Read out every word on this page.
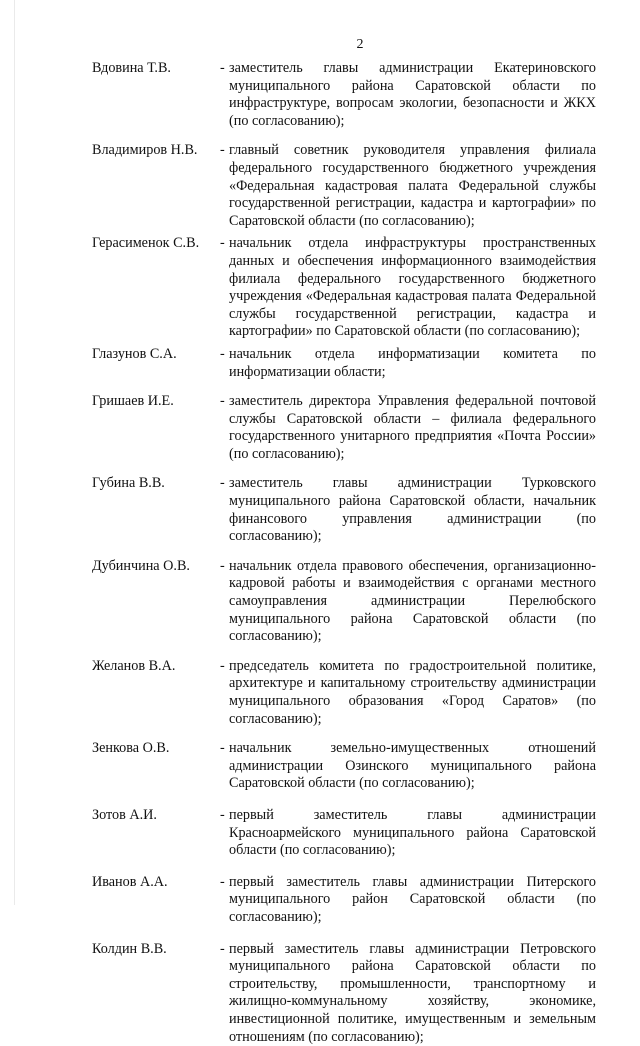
2
Вдовина Т.В.	- заместитель главы администрации Екатериновского муниципального района Саратовской области по инфраструктуре, вопросам экологии, безопасности и ЖКХ (по согласованию);
Владимиров Н.В.	- главный советник руководителя управления филиала федерального государственного бюджетного учреждения «Федеральная кадастровая палата Федеральной службы государственной регистрации, кадастра и картографии» по Саратовской области (по согласованию);
Герасименок С.В.	- начальник отдела инфраструктуры пространственных данных и обеспечения информационного взаимодействия филиала федерального государственного бюджетного учреждения «Федеральная кадастровая палата Федеральной службы государственной регистрации, кадастра и картографии» по Саратовской области (по согласованию);
Глазунов С.А.	- начальник отдела информатизации комитета по информатизации области;
Гришаев И.Е.	- заместитель директора Управления федеральной почтовой службы Саратовской области – филиала федерального государственного унитарного предприятия «Почта России» (по согласованию);
Губина В.В.	- заместитель главы администрации Турковского муниципального района Саратовской области, начальник финансового управления администрации (по согласованию);
Дубинчина О.В.	- начальник отдела правового обеспечения, организационно-кадровой работы и взаимодействия с органами местного самоуправления администрации Перелюбского муниципального района Саратовской области (по согласованию);
Желанов В.А.	- председатель комитета по градостроительной политике, архитектуре и капитальному строительству администрации муниципального образования «Город Саратов» (по согласованию);
Зенкова О.В.	- начальник земельно-имущественных отношений администрации Озинского муниципального района Саратовской области (по согласованию);
Зотов А.И.	- первый заместитель главы администрации Красноармейского муниципального района Саратовской области (по согласованию);
Иванов А.А.	- первый заместитель главы администрации Питерского муниципального район Саратовской области (по согласованию);
Колдин В.В.	- первый заместитель главы администрации Петровского муниципального района Саратовской области по строительству, промышленности, транспортному и жилищно-коммунальному хозяйству, экономике, инвестиционной политике, имущественным и земельным отношениям (по согласованию);
